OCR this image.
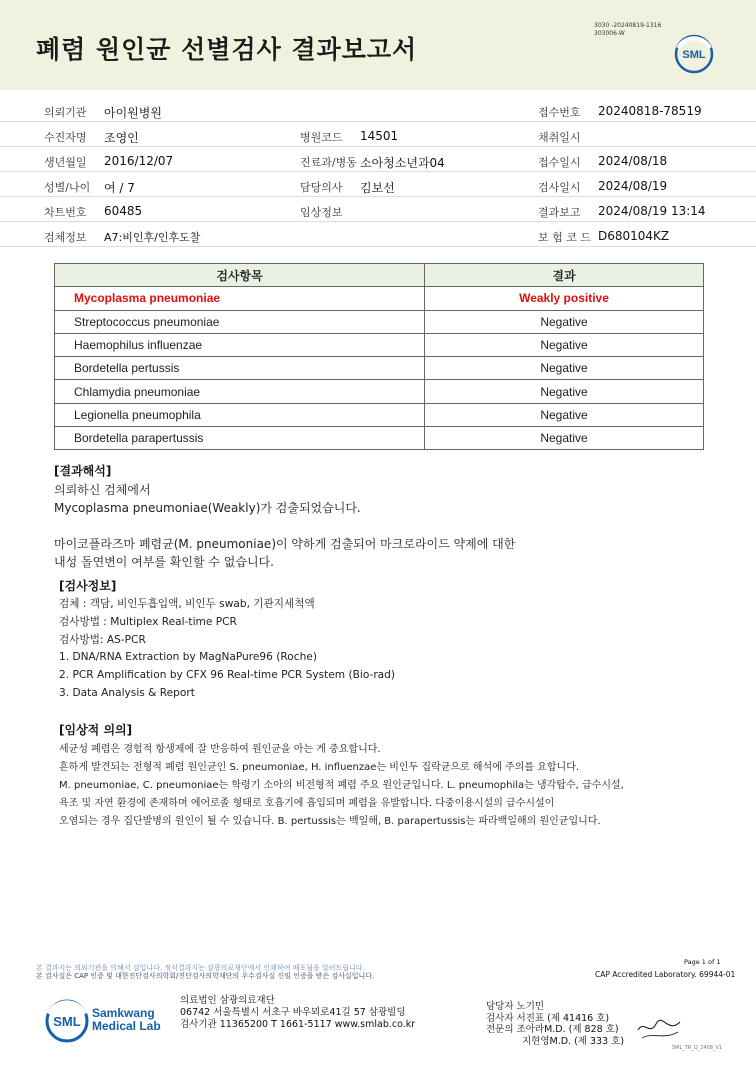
폐렴 원인균 선별검사 결과보고서
3030 -20240819-1316
303006-W
SML
의뢰기관 아이원병원	접수번호 20240818-78519
수진자명 조영인	병원코드 14501	채취일시
생년월일 2016/12/07	진료과/병동 소아청소년과04	접수일시 2024/08/18
성별/나이 여 / 7	담당의사 김보선	검사일시 2024/08/19
차트번호 60485	임상정보	결과보고 2024/08/19 13:14
검체정보 A7:비인후/인후도찰	보 험 코 드 D680104KZ
검사항목	결과
Mycoplasma pneumoniae	Weakly positive
Streptococcus pneumoniae	Negative
Haemophilus influenzae	Negative
Bordetella pertussis	Negative
Chlamydia pneumoniae	Negative
Legionella pneumophila	Negative
Bordetella parapertussis	Negative
[결과해석]
의뢰하신 검체에서
Mycoplasma pneumoniae(Weakly)가 검출되었습니다.
마이코플라즈마 폐렴균(M. pneumoniae)이 약하게 검출되어 마크로라이드 약제에 대한
내성 돌연변이 여부를 확인할 수 없습니다.
[검사정보]
검체 : 객담, 비인두흡입액, 비인두 swab, 기관지세척액
검사방법 : Multiplex Real-time PCR
검사방법: AS-PCR
1. DNA/RNA Extraction by MagNaPure96 (Roche)
2. PCR Amplification by CFX 96 Real-time PCR System (Bio-rad)
3. Data Analysis & Report
[임상적 의의]
세균성 폐렴은 경험적 항생제에 잘 반응하여 원인균을 아는 게 중요합니다.
흔하게 발견되는 전형적 폐렴 원인균인 S. pneumoniae, H. influenzae는 비인두 집락균으로 해석에 주의를 요합니다.
M. pneumoniae, C. pneumoniae는 학령기 소아의 비전형적 폐렴 주요 원인균입니다. L. pneumophila는 냉각탑수, 급수시설,
욕조 및 자연 환경에 존재하며 에어로졸 형태로 호흡기에 흡입되며 폐렴을 유발합니다. 다중이용시설의 급수시설이
오염되는 경우 집단발병의 원인이 될 수 있습니다. B. pertussis는 백일해, B. parapertussis는 파라백일해의 원인균입니다.
Page 1 of 1
본 결과지는 의뢰기관을 의해서 검입니다. 정식결과지는 삼광의료재단에서 인쇄하여 배포됨을 알려드립니다.
본 검사실은 CAP 인증 및 대한진단검사의학회/진단검사의학재단의 우수검사실 신임 인증을 받은 검사실입니다.	CAP Accredited Laboratory. 69944-01
SML
Samkwang
Medical Lab
의료법인 삼광의료재단
06742 서울특별시 서초구 바우뫼로41길 57 삼광빌딩
검사기관 11365200 T 1661-5117 www.smlab.co.kr
담당자 노기민
검사자 서진표 (제 41416 호)
전문의 조아라M.D. (제 828 호)
지현영M.D. (제 333 호)
SML_TR_Q_2408_V1
